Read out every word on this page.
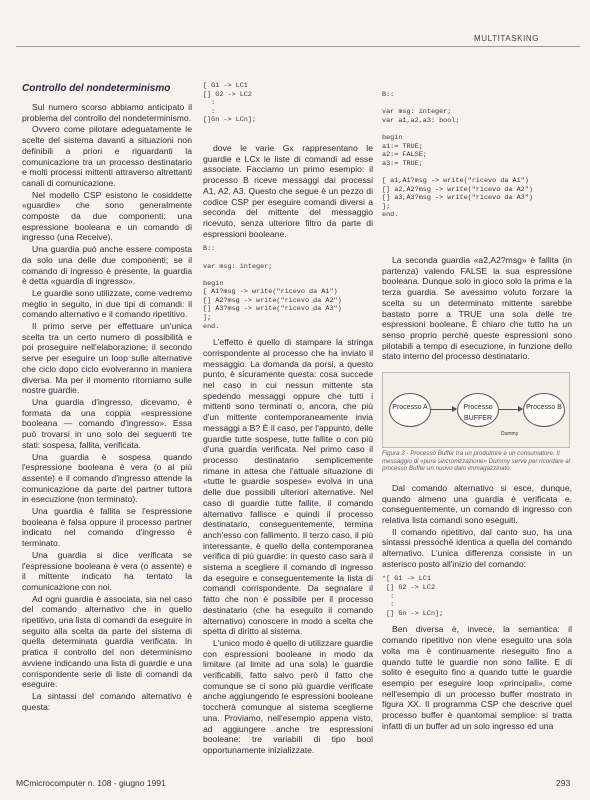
MULTITASKING
Controllo del nondeterminismo

Sul numero scorso abbiamo anticipato il problema del controllo del nondeterminismo.

Ovvero come pilotare adeguatamente le scelte del sistema davanti a situazioni non definibili a priori e riguardanti la comunicazione tra un processo destinatario e molti processi mittenti attraverso altrettanti canali di comunicazione.

Nel modello CSP esistono le cosiddette «guardie» che sono generalmente composte da due componenti: una espressione booleana e un comando di ingresso (una Receive).

Una guardia può anche essere composta da solo una delle due componenti; se il comando di ingresso è presente, la guardia è detta «guardia di ingresso».

Le guardie sono utilizzate, come vedremo meglio in seguito, in due tipi di comandi: il comando alternativo e il comando ripetitivo.

Il primo serve per effettuare un'unica scelta tra un certo numero di possibilità e poi proseguire nell'elaborazione; il secondo serve per eseguire un loop sulle alternative che ciclo dopo ciclo evolveranno in maniera diversa. Ma per il momento ritorniamo sulle nostre guardie.

Una guardia d'ingresso, dicevamo, è formata da una coppia «espressione booleana — comando d'ingresso». Essa può trovarsi in uno solo dei seguenti tre stati: sospesa, fallita, verificata.

Una guardia è sospesa quando l'espressione booleana è vera (o al più assente) e il comando d'ingresso attende la comunicazione da parte del partner tuttora in esecuzione (non terminato).

Una guardia è fallita se l'espressione booleana è falsa oppure il processo partner indicato nel comando d'ingresso è terminato.

Una guardia si dice verificata se l'espressione booleana è vera (o assente) e il mittente indicato ha tentato la comunicazione con noi.

Ad ogni guardia è associata, sia nel caso del comando alternativo che in quello ripetitivo, una lista di comandi da eseguire in seguito alla scelta da parte del sistema di quella determinata guardia verificata. In pratica il controllo del non determinismo avviene indicando una lista di guardie e una corrispondente serie di liste di comandi da eseguire.

La sintassi del comando alternativo è questa:

[ G1 -> LC1
[] G2 -> LC2
:
:
[]Gn -> LCn];

dove le varie Gx rappresentano le guardie e LCx le liste di comandi ad esse associate. Facciamo un primo esempio: il processo B riceve messaggi dai processi A1, A2, A3. Questo che segue è un pezzo di codice CSP per eseguire comandi diversi a seconda del mittente del messaggio ricevuto, senza ulteriore filtro da parte di espressioni booleane.

B::

var msg: integer;

begin
[ A1?msg -> write("ricevo da A1")
[] A2?msg -> write("ricevo da A2")
[] A3?msg -> write("ricevo da A3")
];
end.

L'effetto è quello di stampare la stringa corrispondente al processo che ha inviato il messaggio. La domanda da porsi, a questo punto, è sicuramente questa: cosa succede nel caso in cui nessun mittente sta spedendo messaggi oppure che tutti i mittenti sono terminati o, ancora, che più d'un mittente contemporaneamente invia messaggi a B? È il caso, per l'appunto, delle guardie tutte sospese, tutte fallite o con più d'una guardia verificata. Nel primo caso il processo destinatario semplicemente rimane in attesa che l'attuale situazione di «tutte le guardie sospese» evolva in una delle due possibili ulteriori alternative. Nel caso di guardie tutte fallite, il comando alternativo fallisce e quindi il processo destinatario, conseguentemente, termina anch'esso con fallimento. Il terzo caso, il più interessante, è quello della contemporanea verifica di più guardie: in questo caso sarà il sistema a scegliere il comando di ingresso da eseguire e conseguentemente la lista di comandi corrispondente. Da segnalare il fatto che non è possibile per il processo destinatario (che ha eseguito il comando alternativo) conoscere in modo a scelta che spetta di diritto al sistema.

L'unico modo è quello di utilizzare guardie con espressioni booleane in modo da limitare (al limite ad una sola) le guardie verificabili, fatto salvo però il fatto che comunque se ci sono più guardie verificate anche aggiungendo le espressioni booleane toccherà comunque al sistema sceglierne una. Proviamo, nell'esempio appena visto, ad aggiungere anche tre espressioni booleane: tre variabili di tipo bool opportunamente inizializzate.

B::

var msg: integer;
var a1,a2,a3: bool;

begin
a1:= TRUE;
a2:= FALSE;
a3:= TRUE;

[ a1,A1?msg -> write("ricevo da A1")
[] a2,A2?msg -> write("ricevo da A2")
[] a3,A3?msg -> write("ricevo da A3")
];
end.

La seconda guardia «a2,A2?msg» è fallita (in partenza) valendo FALSE la sua espressione booleana. Dunque solo in gioco solo la prima e la terza guardia. Se avessimo voluto forzare la scelta su un determinato mittente sarebbe bastato porre a TRUE una sola delle tre espressioni booleane. È chiaro che tutto ha un senso proprio perché queste espressioni sono pilotabili a tempo di esecuzione, in funzione dello stato interno del processo destinatario.

Processo A	Processo BUFFER
Processo B
Dummy
Figura 3 - Processo Buffer tra un produttore e un consumatore. Il messaggio di «pura sincronizzazione» Dummy serve per ricordare al processo Buffer un nuovo dato immagazzinato.

Dal comando alternativo si esce, dunque, quando almeno una guardia è verificata e, conseguentemente, un comando di ingresso con relativa lista comandi sono eseguiti.

Il comando ripetitivo, dal canto suo, ha una sintassi pressoché identica a quella del comando alternativo. L'unica differenza consiste in un asterisco posto all'inizio del comando:

*[ G1 -> LC1
[] G2 -> LC2
:
:
[] Gn -> LCn];

Ben diversa è, invece, la semantica: il comando ripetitivo non viene eseguito una sola volta ma è continuamente rieseguito fino a quando tutte le guardie non sono fallite. E di solito è eseguito fino a quando tutte le guardie esempio per eseguire loop «principali», come nell'esempio di un processo buffer mostrato in figura XX. Il programma CSP che descrive quel processo buffer è quantomai semplice: si tratta infatti di un buffer ad un solo ingresso ed una

MCmicrocomputer n. 108 - giugno 1991	293
